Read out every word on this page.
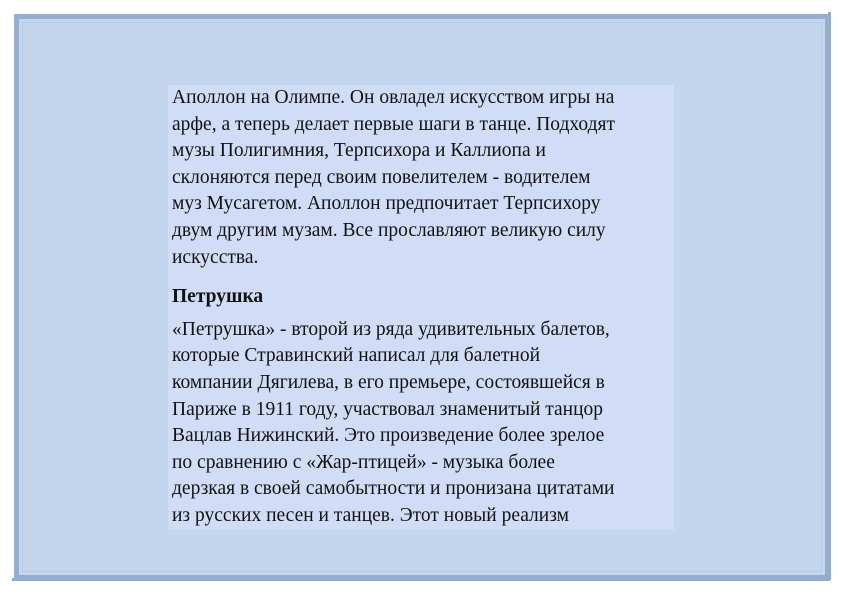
Аполлон на Олимпе. Он овладел искусством игры на
арфе, а теперь делает первые шаги в танце. Подходят
музы Полигимния, Терпсихора и Каллиопа и
склоняются перед своим повелителем - водителем
муз Мусагетом. Аполлон предпочитает Терпсихору
двум другим музам. Все прославляют великую силу
искусства.

Петрушка

«Петрушка» - второй из ряда удивительных балетов,
которые Стравинский написал для балетной
компании Дягилева, в его премьере, состоявшейся в
Париже в 1911 году, участвовал знаменитый танцор
Вацлав Нижинский. Это произведение более зрелое
по сравнению с «Жар-птицей» - музыка более
дерзкая в своей самобытности и пронизана цитатами
из русских песен и танцев. Этот новый реализм
